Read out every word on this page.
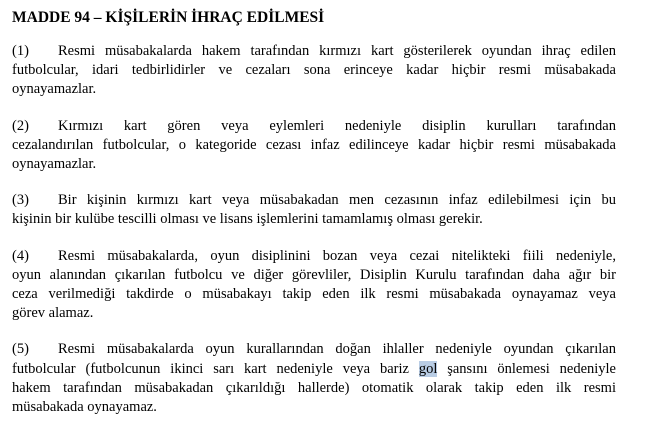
MADDE 94 – KİŞİLERİN İHRAÇ EDİLMESİ
(1) Resmi müsabakalarda hakem tarafından kırmızı kart gösterilerek oyundan ihraç edilen
futbolcular, idari tedbirlidirler ve cezaları sona erinceye kadar hiçbir resmi müsabakada
oynayamazlar.
(2) Kırmızı kart gören veya eylemleri nedeniyle disiplin kurulları tarafından
cezalandırılan futbolcular, o kategoride cezası infaz edilinceye kadar hiçbir resmi müsabakada
oynayamazlar.
(3) Bir kişinin kırmızı kart veya müsabakadan men cezasının infaz edilebilmesi için bu
kişinin bir kulübe tescilli olması ve lisans işlemlerini tamamlamış olması gerekir.
(4) Resmi müsabakalarda, oyun disiplinini bozan veya cezai nitelikteki fiili nedeniyle,
oyun alanından çıkarılan futbolcu ve diğer görevliler, Disiplin Kurulu tarafından daha ağır bir
ceza verilmediği takdirde o müsabakayı takip eden ilk resmi müsabakada oynayamaz veya
görev alamaz.
(5) Resmi müsabakalarda oyun kurallarından doğan ihlaller nedeniyle oyundan çıkarılan
futbolcular (futbolcunun ikinci sarı kart nedeniyle veya bariz gol şansını önlemesi nedeniyle
hakem tarafından müsabakadan çıkarıldığı hallerde) otomatik olarak takip eden ilk resmi
müsabakada oynayamaz.
